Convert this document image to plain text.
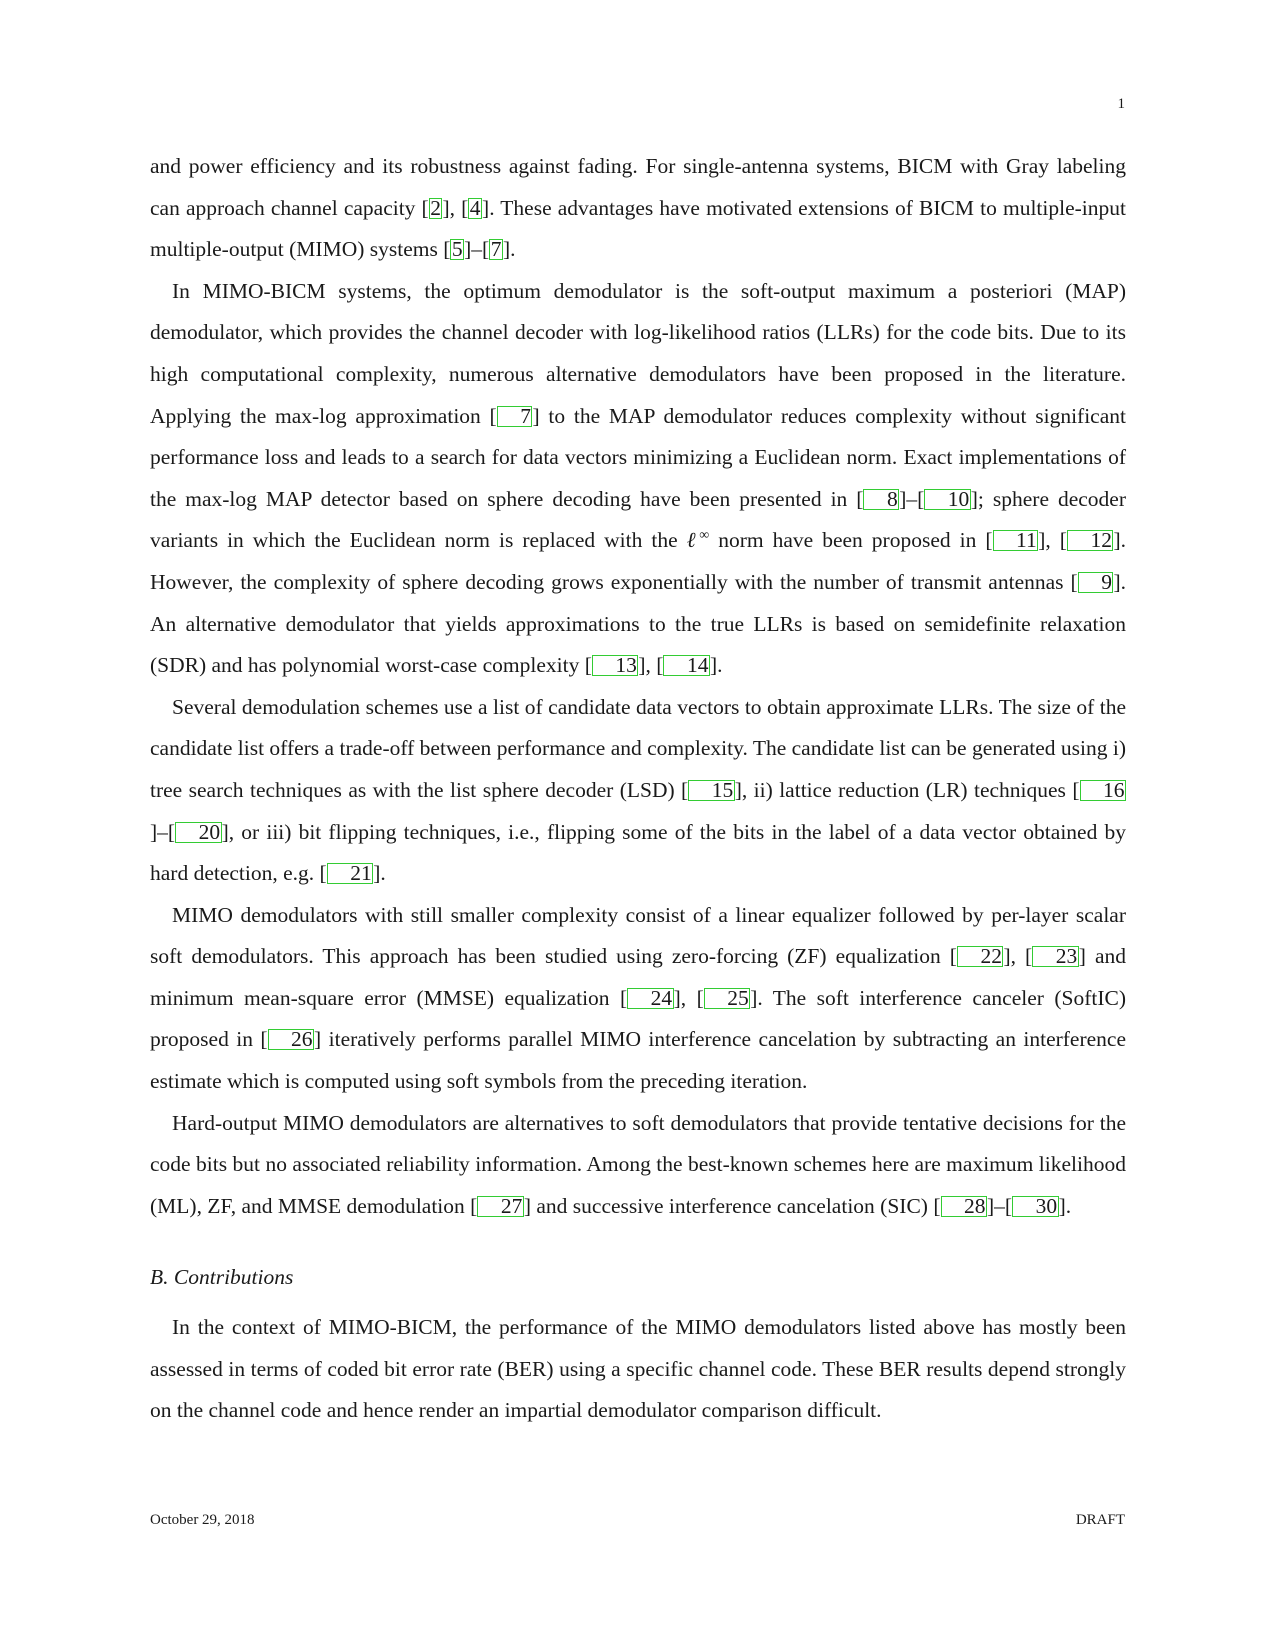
1

and power efficiency and its robustness against fading. For single-antenna systems, BICM with Gray labeling can approach channel capacity [2], [4]. These advantages have motivated extensions of BICM to multiple-input multiple-output (MIMO) systems [5]–[7].

In MIMO-BICM systems, the optimum demodulator is the soft-output maximum a posteriori (MAP) demodulator, which provides the channel decoder with log-likelihood ratios (LLRs) for the code bits. Due to its high computational complexity, numerous alternative demodulators have been proposed in the literature. Applying the max-log approximation [ 7] to the MAP demodulator reduces complexity without significant performance loss and leads to a search for data vectors minimizing a Euclidean norm. Exact implementations of the max-log MAP detector based on sphere decoding have been presented in [ 8]–[ 10]; sphere decoder variants in which the Euclidean norm is replaced with the ℓ∞ norm have been proposed in [ 11], [ 12]. However, the complexity of sphere decoding grows exponentially with the number of transmit antennas [ 9]. An alternative demodulator that yields approximations to the true LLRs is based on semidefinite relaxation (SDR) and has polynomial worst-case complexity [ 13], [ 14].

Several demodulation schemes use a list of candidate data vectors to obtain approximate LLRs. The size of the candidate list offers a trade-off between performance and complexity. The candidate list can be generated using i) tree search techniques as with the list sphere decoder (LSD) [ 15], ii) lattice reduction (LR) techniques [ 16]–[ 20], or iii) bit flipping techniques, i.e., flipping some of the bits in the label of a data vector obtained by hard detection, e.g. [ 21].

MIMO demodulators with still smaller complexity consist of a linear equalizer followed by per-layer scalar soft demodulators. This approach has been studied using zero-forcing (ZF) equalization [ 22], [ 23] and minimum mean-square error (MMSE) equalization [ 24], [ 25]. The soft interference canceler (SoftIC) proposed in [ 26] iteratively performs parallel MIMO interference cancelation by subtracting an interference estimate which is computed using soft symbols from the preceding iteration.

Hard-output MIMO demodulators are alternatives to soft demodulators that provide tentative decisions for the code bits but no associated reliability information. Among the best-known schemes here are maximum likelihood (ML), ZF, and MMSE demodulation [ 27] and successive interference cancelation (SIC) [ 28]–[ 30].

B. Contributions

In the context of MIMO-BICM, the performance of the MIMO demodulators listed above has mostly been assessed in terms of coded bit error rate (BER) using a specific channel code. These BER results depend strongly on the channel code and hence render an impartial demodulator comparison difficult.

October 29, 2018	DRAFT
